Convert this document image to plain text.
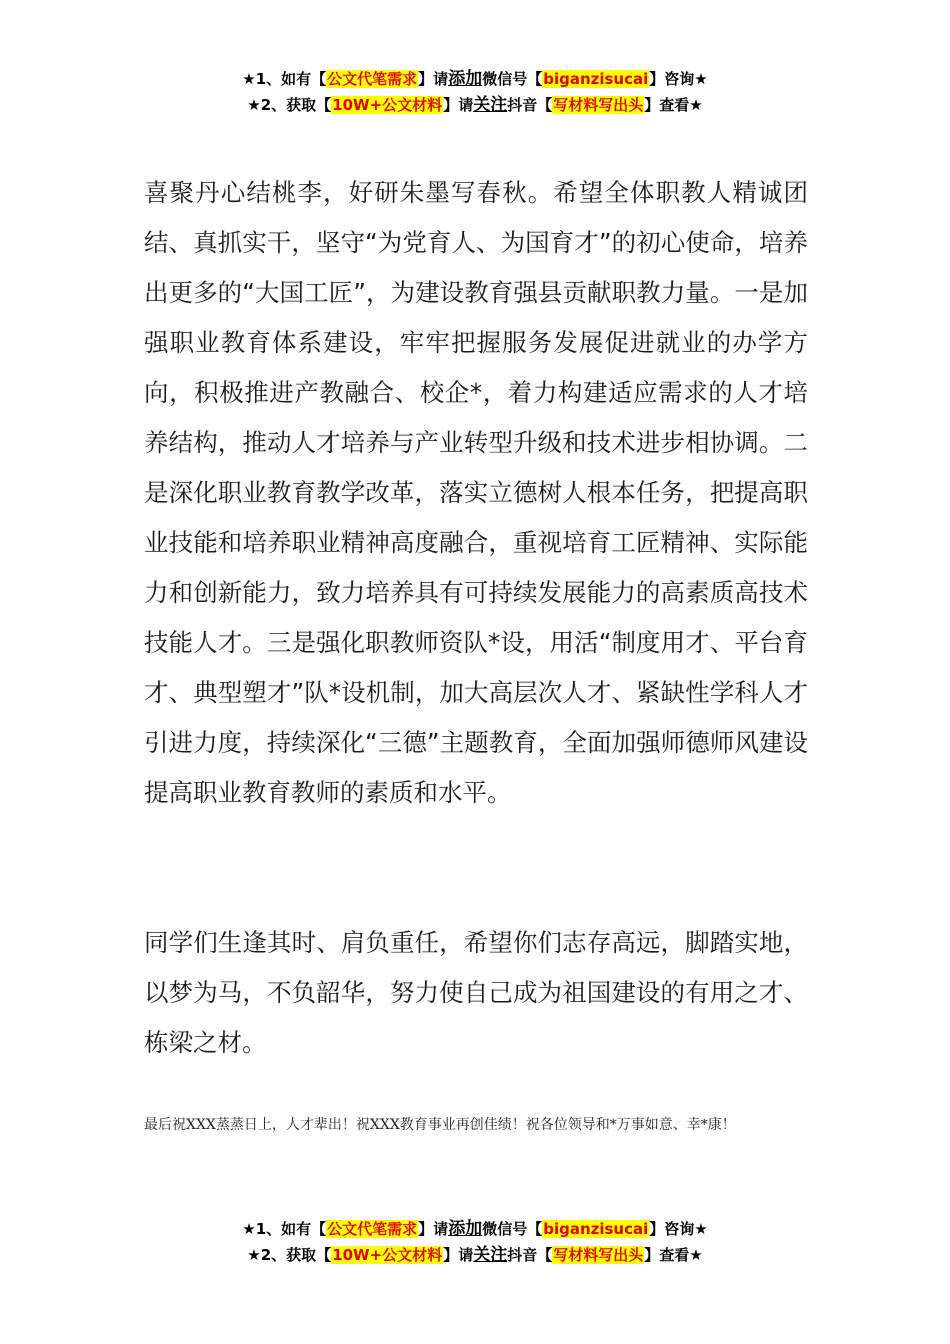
★1、如有【公文代笔需求】请添加微信号【biganzisucai】咨询★
★2、获取【10W+公文材料】请关注抖音【写材料写出头】查看★

喜聚丹心结桃李，好研朱墨写春秋。希望全体职教人精诚团结、真抓实干，坚守“为党育人、为国育才”的初心使命，培养出更多的“大国工匠”，为建设教育强县贡献职教力量。一是加强职业教育体系建设，牢牢把握服务发展促进就业的办学方向，积极推进产教融合、校企*，着力构建适应需求的人才培养结构，推动人才培养与产业转型升级和技术进步相协调。二是深化职业教育教学改革，落实立德树人根本任务，把提高职业技能和培养职业精神高度融合，重视培育工匠精神、实际能力和创新能力，致力培养具有可持续发展能力的高素质高技术技能人才。三是强化职教师资队*设，用活“制度用才、平台育才、典型塑才”队*设机制，加大高层次人才、紧缺性学科人才引进力度，持续深化“三德”主题教育，全面加强师德师风建设提高职业教育教师的素质和水平。

同学们生逢其时、肩负重任，希望你们志存高远，脚踏实地，以梦为马，不负韶华，努力使自己成为祖国建设的有用之才、栋梁之材。

最后祝XXX蒸蒸日上，人才辈出！祝XXX教育事业再创佳绩！祝各位领导和*万事如意、幸*康！

★1、如有【公文代笔需求】请添加微信号【biganzisucai】咨询★
★2、获取【10W+公文材料】请关注抖音【写材料写出头】查看★
